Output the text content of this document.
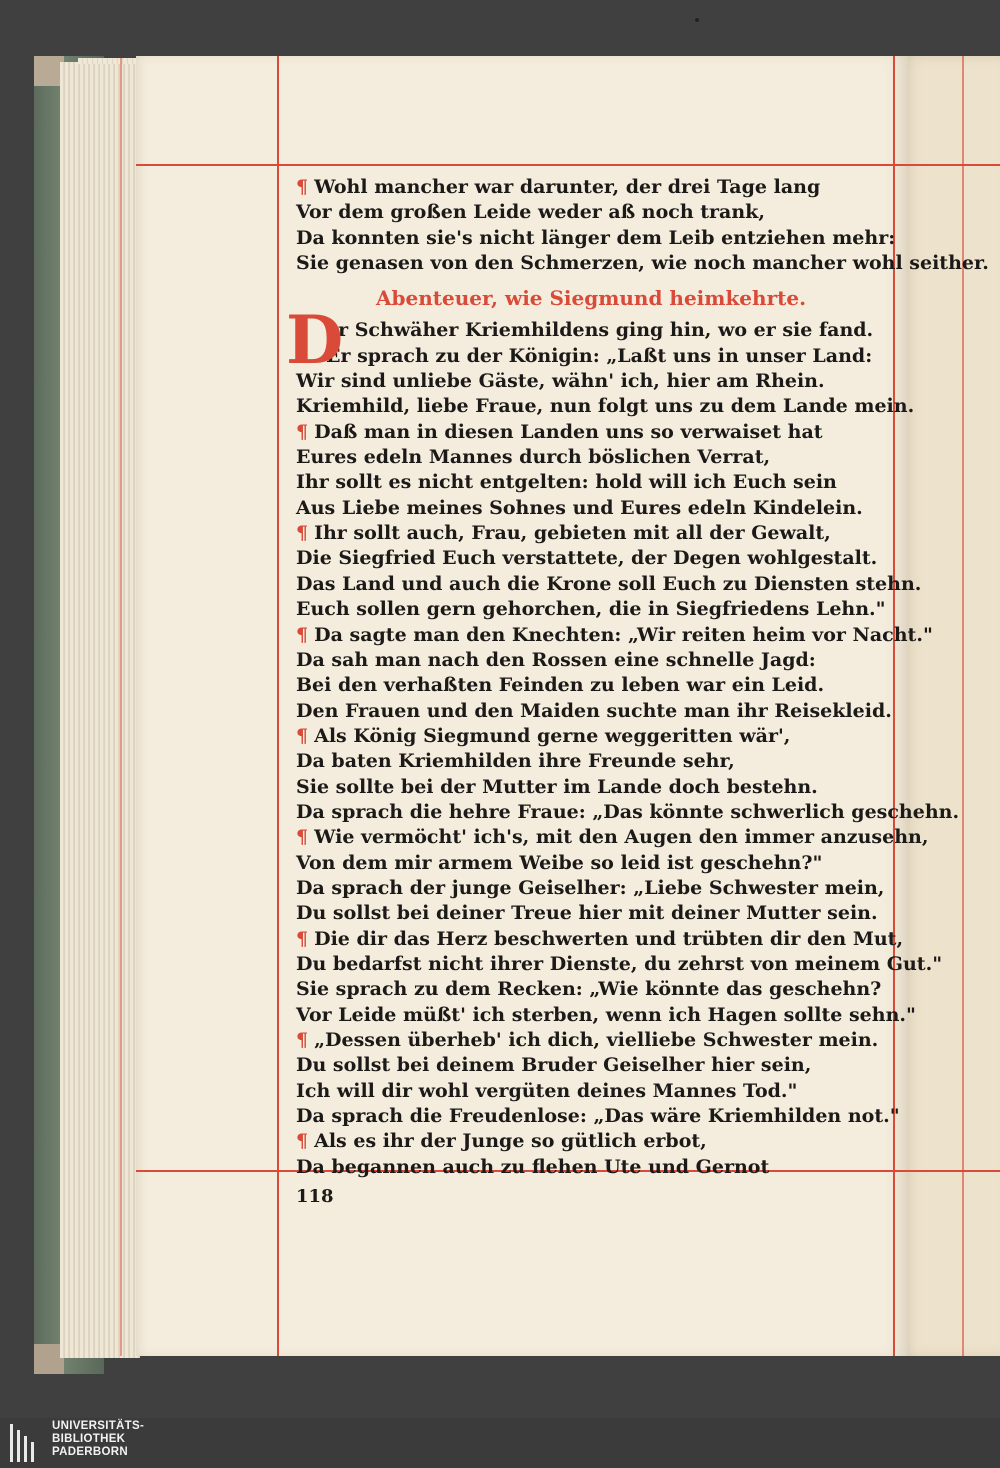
¶ Wohl mancher war darunter, der drei Tage lang
Vor dem großen Leide weder aß noch trank,
Da konnten sie's nicht länger dem Leib entziehen mehr:
Sie genasen von den Schmerzen, wie noch mancher wohl seither.
Abenteuer, wie Siegmund heimkehrte.
er Schwäher Kriemhildens ging hin, wo er sie fand.
Er sprach zu der Königin: „Laßt uns in unser Land:
Wir sind unliebe Gäste, wähn' ich, hier am Rhein.
Kriemhild, liebe Fraue, nun folgt uns zu dem Lande mein.
¶ Daß man in diesen Landen uns so verwaiset hat
Eures edeln Mannes durch böslichen Verrat,
Ihr sollt es nicht entgelten: hold will ich Euch sein
Aus Liebe meines Sohnes und Eures edeln Kindelein.
¶ Ihr sollt auch, Frau, gebieten mit all der Gewalt,
Die Siegfried Euch verstattete, der Degen wohlgestalt.
Das Land und auch die Krone soll Euch zu Diensten stehn.
Euch sollen gern gehorchen, die in Siegfriedens Lehn."
¶ Da sagte man den Knechten: „Wir reiten heim vor Nacht."
Da sah man nach den Rossen eine schnelle Jagd:
Bei den verhaßten Feinden zu leben war ein Leid.
Den Frauen und den Maiden suchte man ihr Reisekleid.
¶ Als König Siegmund gerne weggeritten wär',
Da baten Kriemhilden ihre Freunde sehr,
Sie sollte bei der Mutter im Lande doch bestehn.
Da sprach die hehre Fraue: „Das könnte schwerlich geschehn.
¶ Wie vermöcht' ich's, mit den Augen den immer anzusehn,
Von dem mir armem Weibe so leid ist geschehn?"
Da sprach der junge Geiselher: „Liebe Schwester mein,
Du sollst bei deiner Treue hier mit deiner Mutter sein.
¶ Die dir das Herz beschwerten und trübten dir den Mut,
Du bedarfst nicht ihrer Dienste, du zehrst von meinem Gut."
Sie sprach zu dem Recken: „Wie könnte das geschehn?
Vor Leide müßt' ich sterben, wenn ich Hagen sollte sehn."
¶ „Dessen überheb' ich dich, vielliebe Schwester mein.
Du sollst bei deinem Bruder Geiselher hier sein,
Ich will dir wohl vergüten deines Mannes Tod."
Da sprach die Freudenlose: „Das wäre Kriemhilden not."
¶ Als es ihr der Junge so gütlich erbot,
Da begannen auch zu flehen Ute und Gernot
D
118
UNIVERSITÄTS-
BIBLIOTHEK
PADERBORN
